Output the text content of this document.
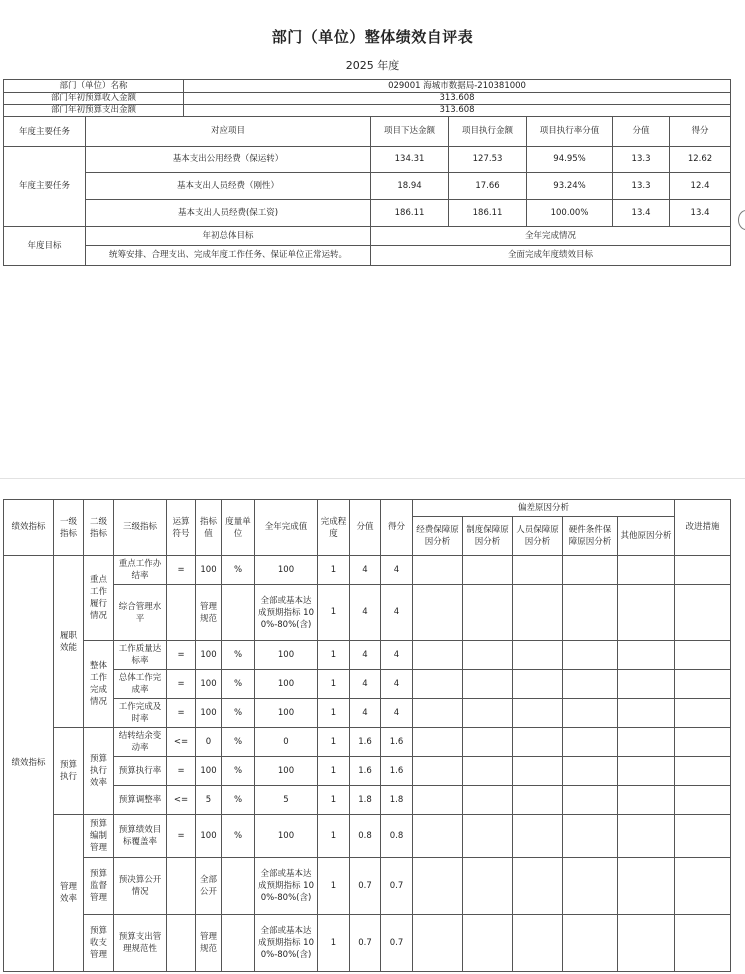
部门（单位）整体绩效自评表
2025 年度
部门（单位）名称		029001 海城市数据局-210381000					
部门年初预算收入金额		313.608					
部门年初预算支出金额		313.608					
年度主要任务	对应项目		项目下达金额	项目执行金额	项目执行率分值	分值	得分
年度主要任务	基本支出公用经费（保运转）		134.31	127.53	94.95%	13.3	12.62
	基本支出人员经费（刚性）		18.94	17.66	93.24%	13.3	12.4
	基本支出人员经费(保工资)		186.11	186.11	100.00%	13.4	13.4
年度目标	年初总体目标		全年完成情况				
	统筹安排、合理支出、完成年度工作任务、保证单位正常运转。		全面完成年度绩效目标				
绩效指标	一级指标	二级指标	三级指标	运算符号	指标值	度量单位	全年完成值	完成程度	分值	得分	偏差原因分析					改进措施
											经费保障原因分析	制度保障原因分析	人员保障原因分析	硬件条件保障原因分析	其他原因分析	
绩效指标	履职效能	重点工作履行情况	重点工作办结率	=	100	%	100	1	4	4						
			综合管理水平		管理规范		全部或基本达成预期指标 100%-80%(含)	1	4	4						
		整体工作完成情况	工作质量达标率	=	100	%	100	1	4	4						
			总体工作完成率	=	100	%	100	1	4	4						
			工作完成及时率	=	100	%	100	1	4	4						
	预算执行	预算执行效率	结转结余变动率	<=	0	%	0	1	1.6	1.6						
			预算执行率	=	100	%	100	1	1.6	1.6						
			预算调整率	<=	5	%	5	1	1.8	1.8						
	管理效率	预算编制管理	预算绩效目标覆盖率	=	100	%	100	1	0.8	0.8						
		预算监督管理	预决算公开情况		全部公开		全部或基本达成预期指标 100%-80%(含)	1	0.7	0.7						
		预算收支管理	预算支出管理规范性		管理规范		全部或基本达成预期指标 100%-80%(含)	1	0.7	0.7						
